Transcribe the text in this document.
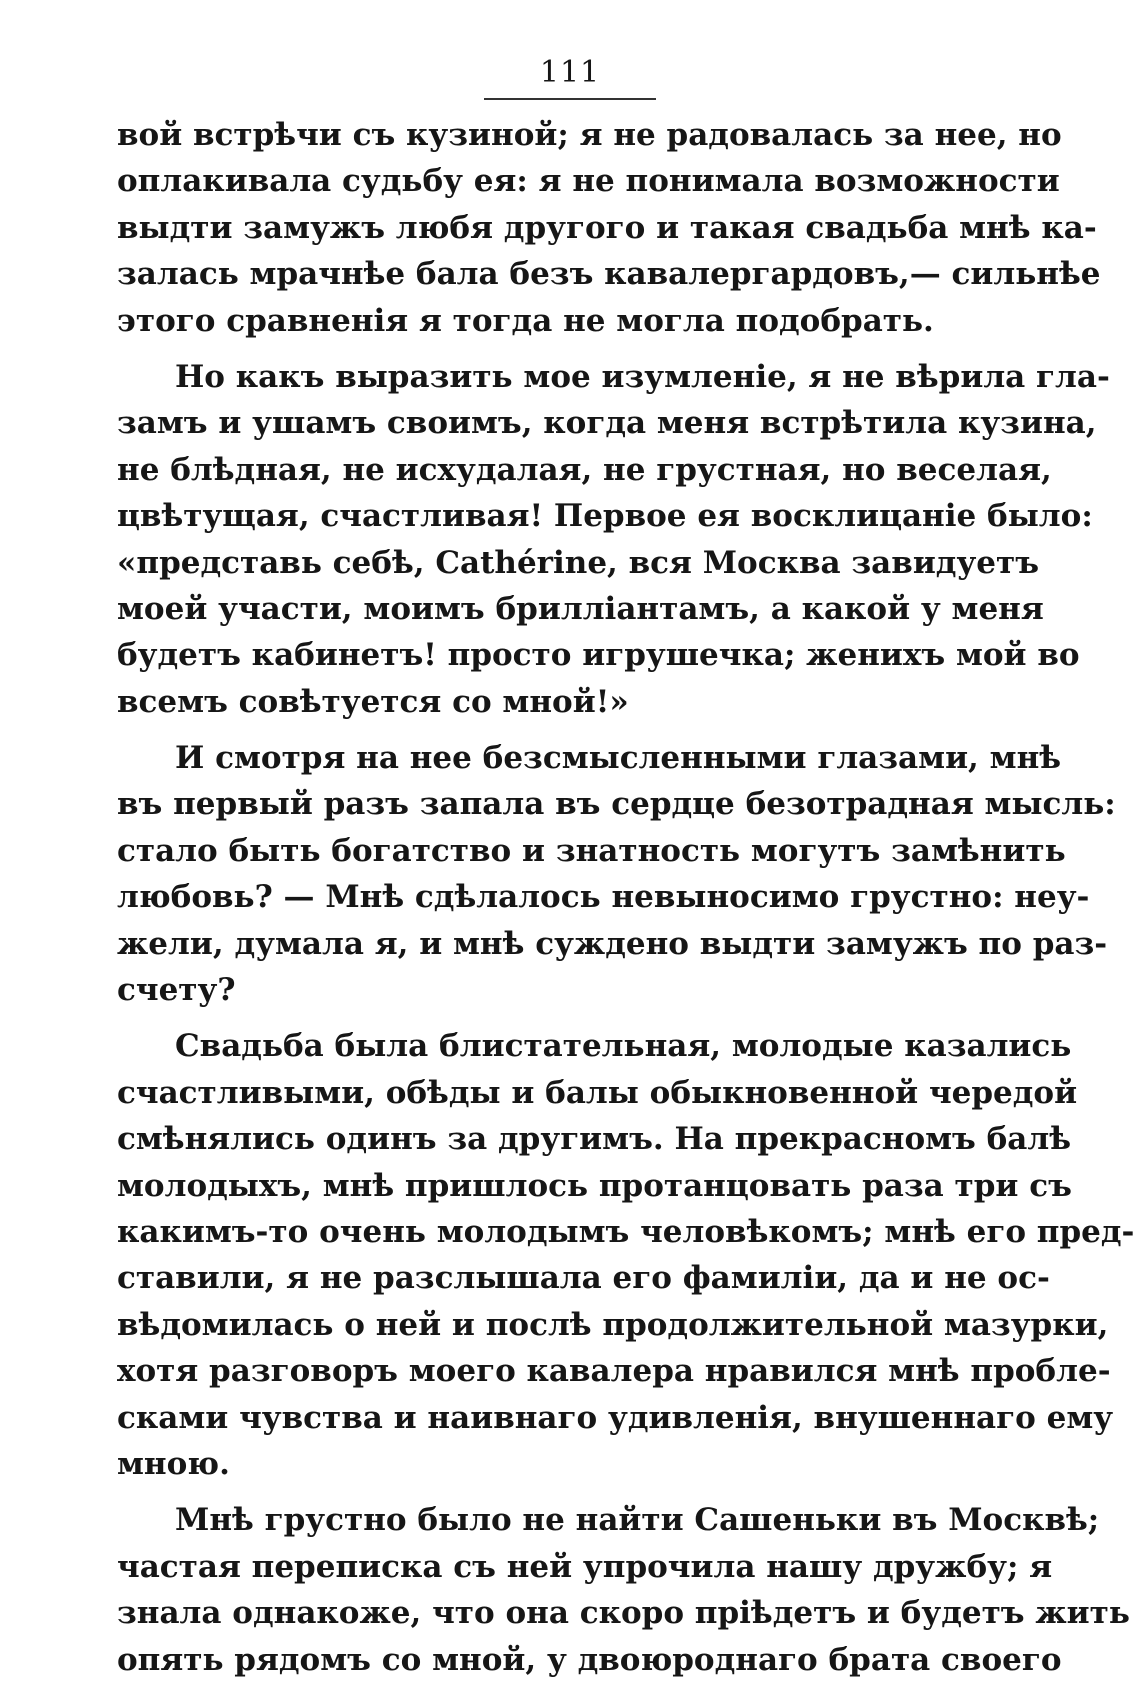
111
вой встрѣчи съ кузиной; я не радовалась за нее, но
оплакивала судьбу ея: я не понимала возможности
выдти замужъ любя другого и такая свадьба мнѣ ка-
залась мрачнѣе бала безъ кавалергардовъ,— сильнѣе
этого сравненія я тогда не могла подобрать.
Но какъ выразить мое изумленіе, я не вѣрила гла-
замъ и ушамъ своимъ, когда меня встрѣтила кузина,
не блѣдная, не исхудалая, не грустная, но веселая,
цвѣтущая, счастливая! Первое ея восклицаніе было:
«представь себѣ, Cathérine, вся Москва завидуетъ
моей участи, моимъ бриллiантамъ, а какой у меня
будетъ кабинетъ! просто игрушечка; женихъ мой во
всемъ совѣтуется со мной!»
И смотря на нее безсмысленными глазами, мнѣ
въ первый разъ запала въ сердце безотрадная мысль:
стало быть богатство и знатность могутъ замѣнить
любовь? — Мнѣ сдѣлалось невыносимо грустно: неу-
жели, думала я, и мнѣ суждено выдти замужъ по раз-
счету?
Свадьба была блистательная, молодые казались
счастливыми, обѣды и балы обыкновенной чередой
смѣнялись одинъ за другимъ. На прекрасномъ балѣ
молодыхъ, мнѣ пришлось протанцовать раза три съ
какимъ-то очень молодымъ человѣкомъ; мнѣ его пред-
ставили, я не разслышала его фамиліи, да и не ос-
вѣдомилась о ней и послѣ продолжительной мазурки,
хотя разговоръ моего кавалера нравился мнѣ пробле-
сками чувства и наивнаго удивленія, внушеннаго ему
мною.
Мнѣ грустно было не найти Сашеньки въ Москвѣ;
частая переписка съ ней упрочила нашу дружбу; я
знала однакоже, что она скоро пріѣдетъ и будетъ жить
опять рядомъ со мной, у двоюроднаго брата своего
